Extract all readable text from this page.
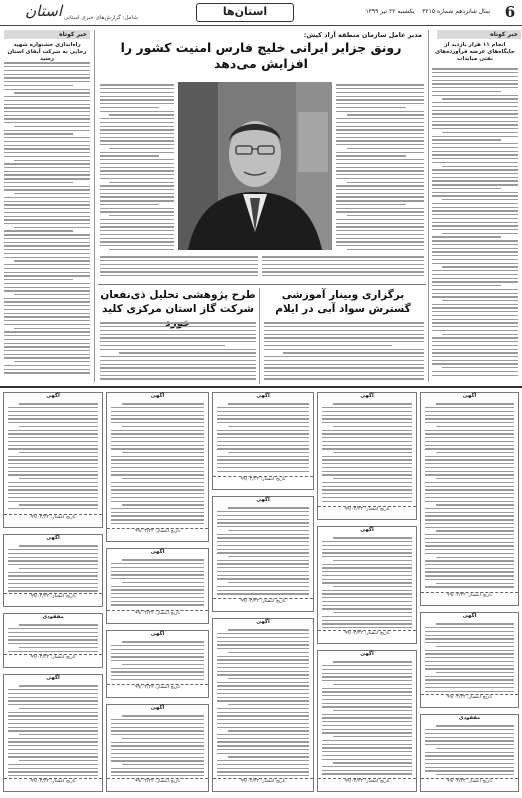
استان شامل: گزارش‌های خبری استانی	استان‌ها	سال شانزدهم شماره ۳۲۱۵    یکشنبه ۲۲ تیر ۱۳۹۹	6
خبر کوتاه
راه‌اندازی جشنواره شهید رجایی به شرکت آبفای استان رسید
خبر کوتاه
انجام ۱۱ هزار بازدید از جایگاه‌های عرضه فرآورده‌های نفتی میانداب
مدیر عامل سازمان منطقه آزاد کیش:
رونق جزایر ایرانی خلیج فارس امنیت کشور را افزایش می‌دهد
برگزاری وبینار آموزشی گسترش سواد آبی در ایلام
طرح پژوهشی تحلیل ذی‌نفعان شرکت گاز استان مرکزی کلید
آگهی
تاریخ انتشار: ۹۹/۰۴/۲۲
آگهی
تاریخ انتشار: ۹۹/۰۴/۲۲
مفقودی
تاریخ انتشار: ۹۹/۰۴/۲۲
آگهی
تاریخ انتشار: ۹۹/۰۴/۲۲
آگهی
تاریخ انتشار: ۹۹/۰۴/۲۲
آگهی
تاریخ انتشار: ۹۹/۰۴/۲۲
آگهی
تاریخ انتشار: ۹۹/۰۴/۲۲
آگهی
تاریخ انتشار: ۹۹/۰۴/۲۲
آگهی
تاریخ انتشار: ۹۹/۰۴/۲۲
آگهی
تاریخ انتشار: ۹۹/۰۴/۲۲
آگهی
تاریخ انتشار: ۹۹/۰۴/۲۲
آگهی
تاریخ انتشار: ۹۹/۰۴/۲۲
آگهی
تاریخ انتشار: ۹۹/۰۴/۲۲
آگهی
تاریخ انتشار: ۹۹/۰۴/۲۲
آگهی
تاریخ انتشار: ۹۹/۰۴/۲۲
آگهی
تاریخ انتشار: ۹۹/۰۴/۲۲
مفقودی
تاریخ انتشار: ۹۹/۰۴/۲۲
